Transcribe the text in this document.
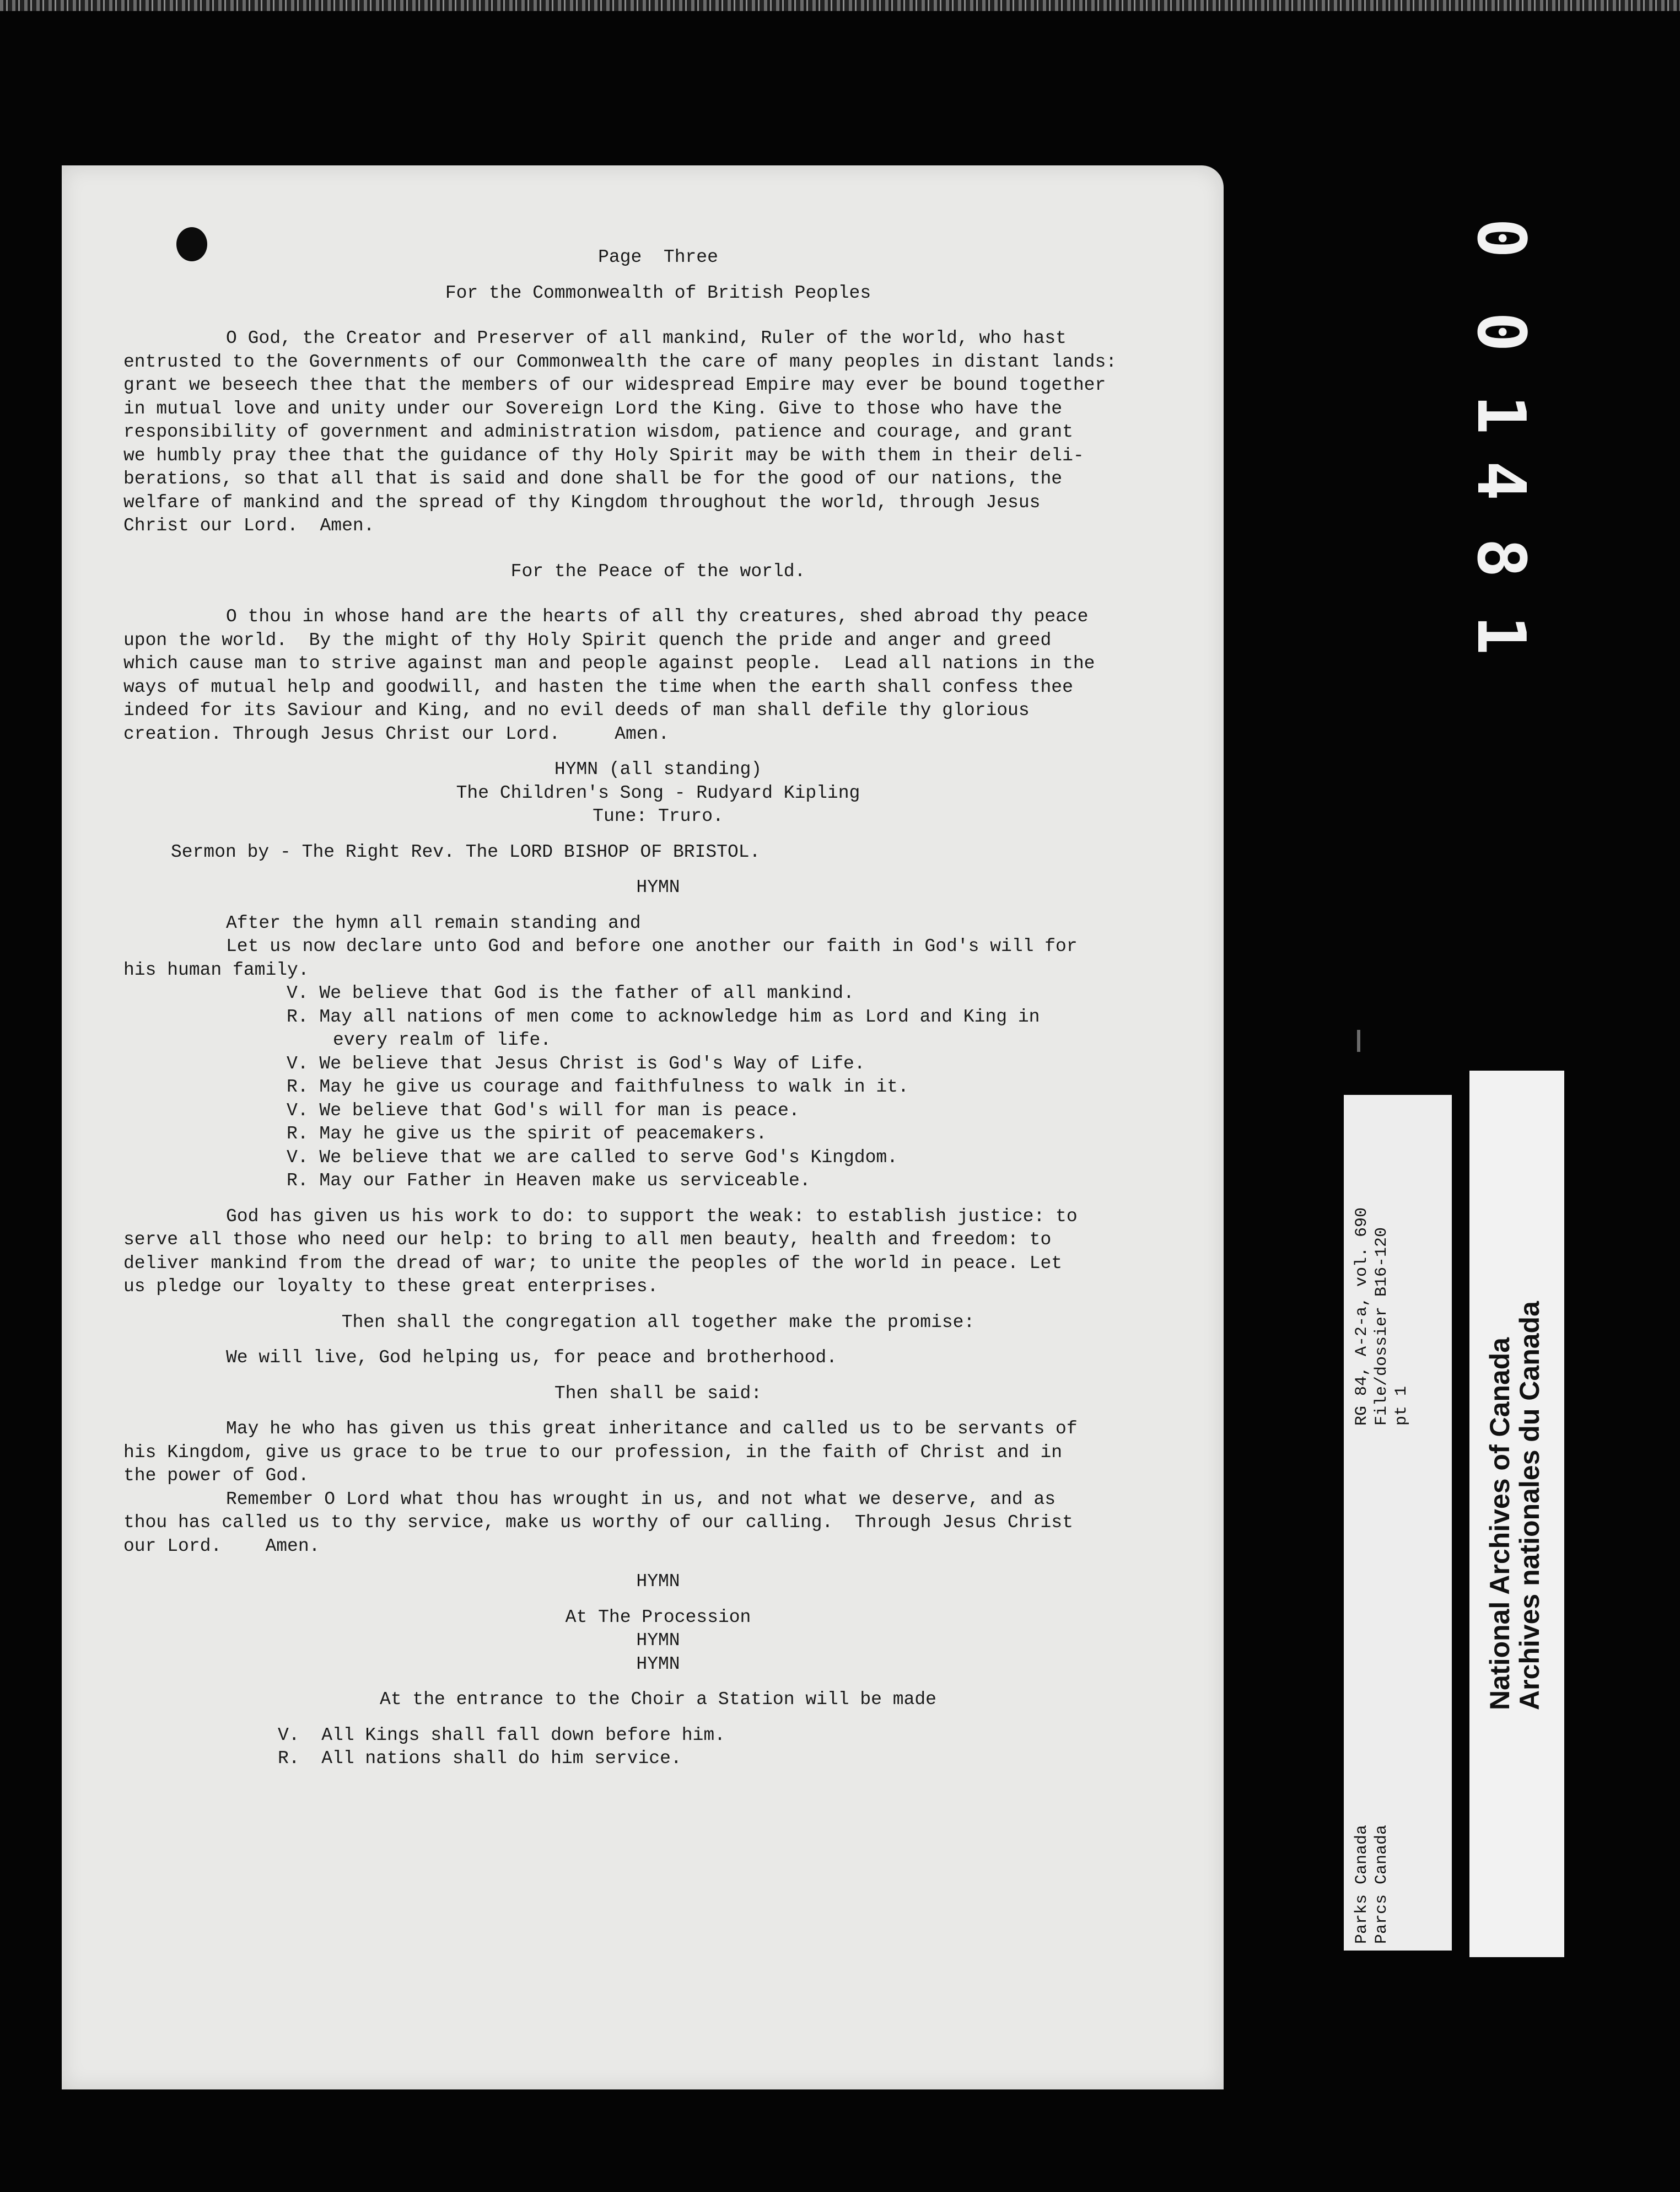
Page  Three
For the Commonwealth of British Peoples
O God, the Creator and Preserver of all mankind, Ruler of the world, who hast
entrusted to the Governments of our Commonwealth the care of many peoples in distant lands:
grant we beseech thee that the members of our widespread Empire may ever be bound together
in mutual love and unity under our Sovereign Lord the King. Give to those who have the
responsibility of government and administration wisdom, patience and courage, and grant
we humbly pray thee that the guidance of thy Holy Spirit may be with them in their deli-
berations, so that all that is said and done shall be for the good of our nations, the
welfare of mankind and the spread of thy Kingdom throughout the world, through Jesus
Christ our Lord.  Amen.
For the Peace of the world.
O thou in whose hand are the hearts of all thy creatures, shed abroad thy peace
upon the world.  By the might of thy Holy Spirit quench the pride and anger and greed
which cause man to strive against man and people against people.  Lead all nations in the
ways of mutual help and goodwill, and hasten the time when the earth shall confess thee
indeed for its Saviour and King, and no evil deeds of man shall defile thy glorious
creation. Through Jesus Christ our Lord.     Amen.
HYMN (all standing)
The Children's Song - Rudyard Kipling
Tune: Truro.
Sermon by - The Right Rev. The LORD BISHOP OF BRISTOL.
HYMN
After the hymn all remain standing and
Let us now declare unto God and before one another our faith in God's will for
his human family.
V. We believe that God is the father of all mankind.
R. May all nations of men come to acknowledge him as Lord and King in
every realm of life.
V. We believe that Jesus Christ is God's Way of Life.
R. May he give us courage and faithfulness to walk in it.
V. We believe that God's will for man is peace.
R. May he give us the spirit of peacemakers.
V. We believe that we are called to serve God's Kingdom.
R. May our Father in Heaven make us serviceable.
God has given us his work to do: to support the weak: to establish justice: to
serve all those who need our help: to bring to all men beauty, health and freedom: to
deliver mankind from the dread of war; to unite the peoples of the world in peace. Let
us pledge our loyalty to these great enterprises.
Then shall the congregation all together make the promise:
We will live, God helping us, for peace and brotherhood.
Then shall be said:
May he who has given us this great inheritance and called us to be servants of
his Kingdom, give us grace to be true to our profession, in the faith of Christ and in
the power of God.
Remember O Lord what thou has wrought in us, and not what we deserve, and as
thou has called us to thy service, make us worthy of our calling.  Through Jesus Christ
our Lord.    Amen.
HYMN
At The Procession
HYMN
HYMN
At the entrance to the Choir a Station will be made
V.  All Kings shall fall down before him.
R.  All nations shall do him service.
0
0
1
4
8
1
RG 84, A-2-a, vol. 690 File/dossier B16-120 pt 1
Parks Canada Parcs Canada
National Archives of Canada
Archives nationales du Canada
